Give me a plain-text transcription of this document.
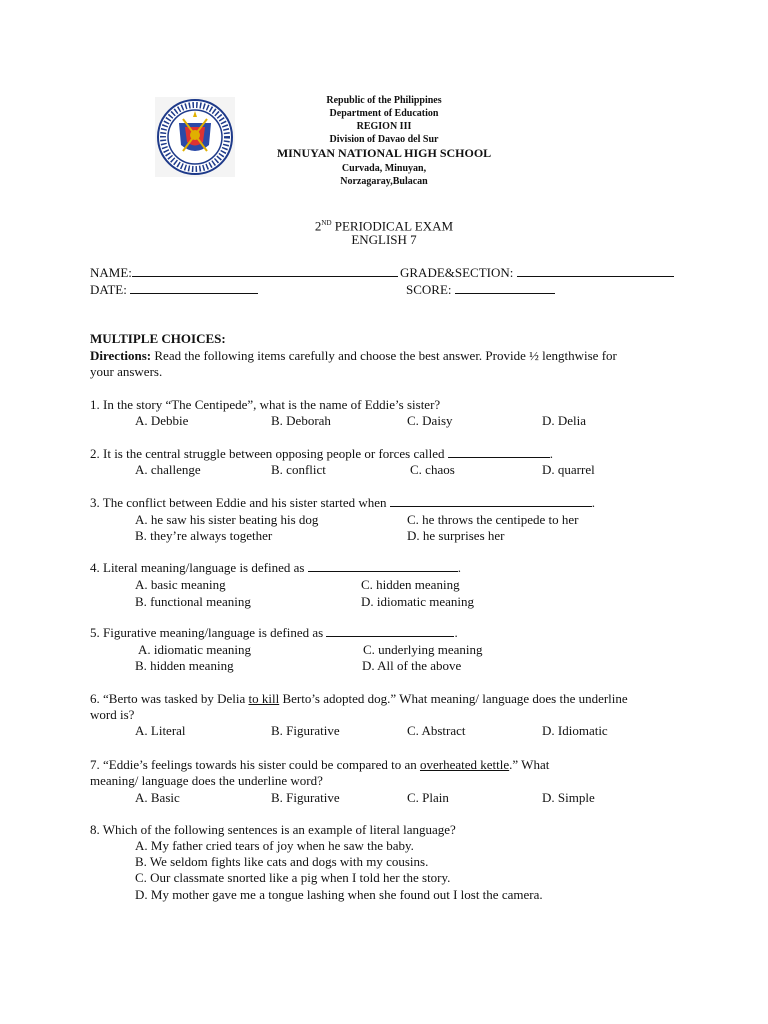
Republic of the Philippines
Department of Education
REGION III
Division of Davao del Sur
MINUYAN NATIONAL HIGH SCHOOL
Curvada, Minuyan,
Norzagaray,Bulacan
2ND PERIODICAL EXAM
ENGLISH 7
NAME:	GRADE&SECTION:
DATE:	SCORE:
MULTIPLE CHOICES:
Directions: Read the following items carefully and choose the best answer. Provide ½ lengthwise for
your answers.
1. In the story “The Centipede”, what is the name of Eddie’s sister?
A. Debbie	B. Deborah	C. Daisy	D. Delia
2. It is the central struggle between opposing people or forces called	.
A. challenge	B. conflict	C. chaos	D. quarrel
3. The conflict between Eddie and his sister started when	.
A. he saw his sister beating his dog	C. he throws the centipede to her
B. they’re always together	D. he surprises her
4. Literal meaning/language is defined as	.
A. basic meaning	C. hidden meaning
B. functional meaning	D. idiomatic meaning
5. Figurative meaning/language is defined as	.
A. idiomatic meaning	C. underlying meaning
B. hidden meaning	D. All of the above
6. “Berto was tasked by Delia to kill Berto’s adopted dog.” What meaning/ language does the underline
word is?
A. Literal	B. Figurative	C. Abstract	D. Idiomatic
7. “Eddie’s feelings towards his sister could be compared to an overheated kettle.” What
meaning/ language does the underline word?
A. Basic	B. Figurative	C. Plain	D. Simple
8. Which of the following sentences is an example of literal language?
A. My father cried tears of joy when he saw the baby.
B. We seldom fights like cats and dogs with my cousins.
C. Our classmate snorted like a pig when I told her the story.
D. My mother gave me a tongue lashing when she found out I lost the camera.
